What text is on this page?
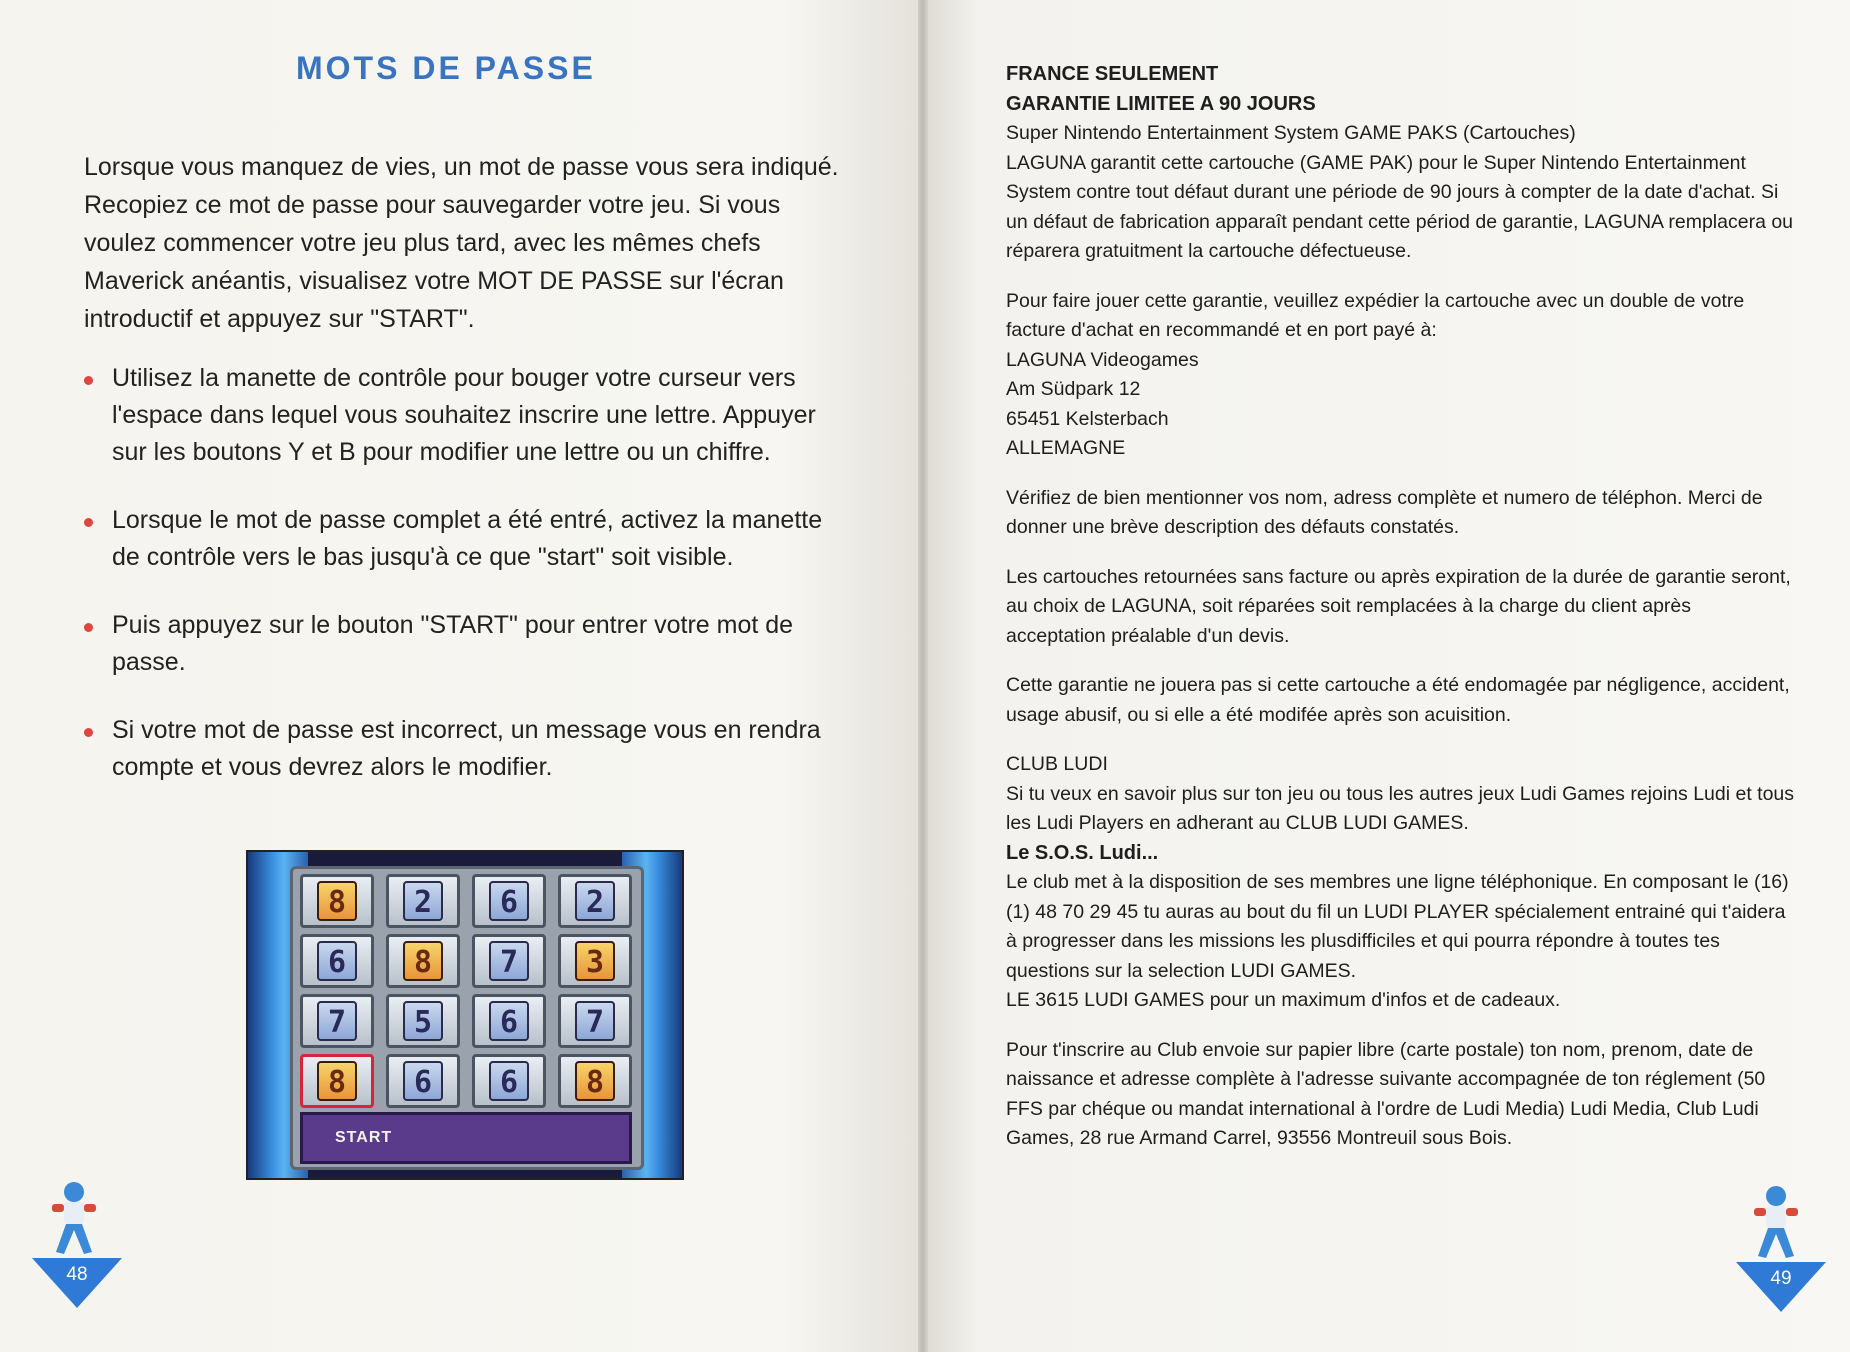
MOTS DE PASSE
Lorsque vous manquez de vies, un mot de passe vous sera indiqué. Recopiez ce mot de passe pour sauvegarder votre jeu. Si vous voulez commencer votre jeu plus tard, avec les mêmes chefs Maverick anéantis, visualisez votre MOT DE PASSE sur l'écran introductif et appuyez sur "START".
Utilisez la manette de contrôle pour bouger votre curseur vers l'espace dans lequel vous souhaitez inscrire une lettre. Appuyer sur les boutons Y et B pour modifier une lettre ou un chiffre.
Lorsque le mot de passe complet a été entré, activez la manette de contrôle vers le bas jusqu'à ce que "start" soit visible.
Puis appuyez sur le bouton "START" pour entrer votre mot de passe.
Si votre mot de passe est incorrect, un message vous en rendra compte et vous devrez alors le modifier.
8	2	6	2
6	8	7	3
7	5	6	7
8	6	6	8
START
48
FRANCE SEULEMENT
GARANTIE LIMITEE A 90 JOURS
Super Nintendo Entertainment System GAME PAKS (Cartouches)

LAGUNA garantit cette cartouche (GAME PAK) pour le Super Nintendo Entertainment System contre tout défaut durant une période de 90 jours à compter de la date d'achat. Si un défaut de fabrication apparaît pendant cette périod de garantie, LAGUNA remplacera ou réparera gratuitment la cartouche défectueuse.

Pour faire jouer cette garantie, veuillez expédier la cartouche avec un double de votre facture d'achat en recommandé et en port payé à:

LAGUNA Videogames
Am Südpark 12
65451 Kelsterbach

ALLEMAGNE

Vérifiez de bien mentionner vos nom, adress complète et numero de téléphon. Merci de donner une brève description des défauts constatés.

Les cartouches retournées sans facture ou après expiration de la durée de garantie seront, au choix de LAGUNA, soit réparées soit remplacées à la charge du client après acceptation préalable d'un devis.

Cette garantie ne jouera pas si cette cartouche a été endomagée par négligence, accident, usage abusif, ou si elle a été modifée après son acuisition.

CLUB LUDI
Si tu veux en savoir plus sur ton jeu ou tous les autres jeux Ludi Games rejoins Ludi et tous les Ludi Players en adherant au CLUB LUDI GAMES.
Le S.O.S. Ludi...
Le club met à la disposition de ses membres une ligne téléphonique. En composant le (16) (1) 48 70 29 45 tu auras au bout du fil un LUDI PLAYER spécialement entrainé qui t'aidera à progresser dans les missions les plusdifficiles et qui pourra répondre à toutes tes questions sur la selection LUDI GAMES.

LE 3615 LUDI GAMES pour un maximum d'infos et de cadeaux.

Pour t'inscrire au Club envoie sur papier libre (carte postale) ton nom, prenom, date de naissance et adresse complète à l'adresse suivante accompagnée de ton réglement (50 FFS par chéque ou mandat international à l'ordre de Ludi Media) Ludi Media, Club Ludi Games, 28 rue Armand Carrel, 93556 Montreuil sous Bois.

49
